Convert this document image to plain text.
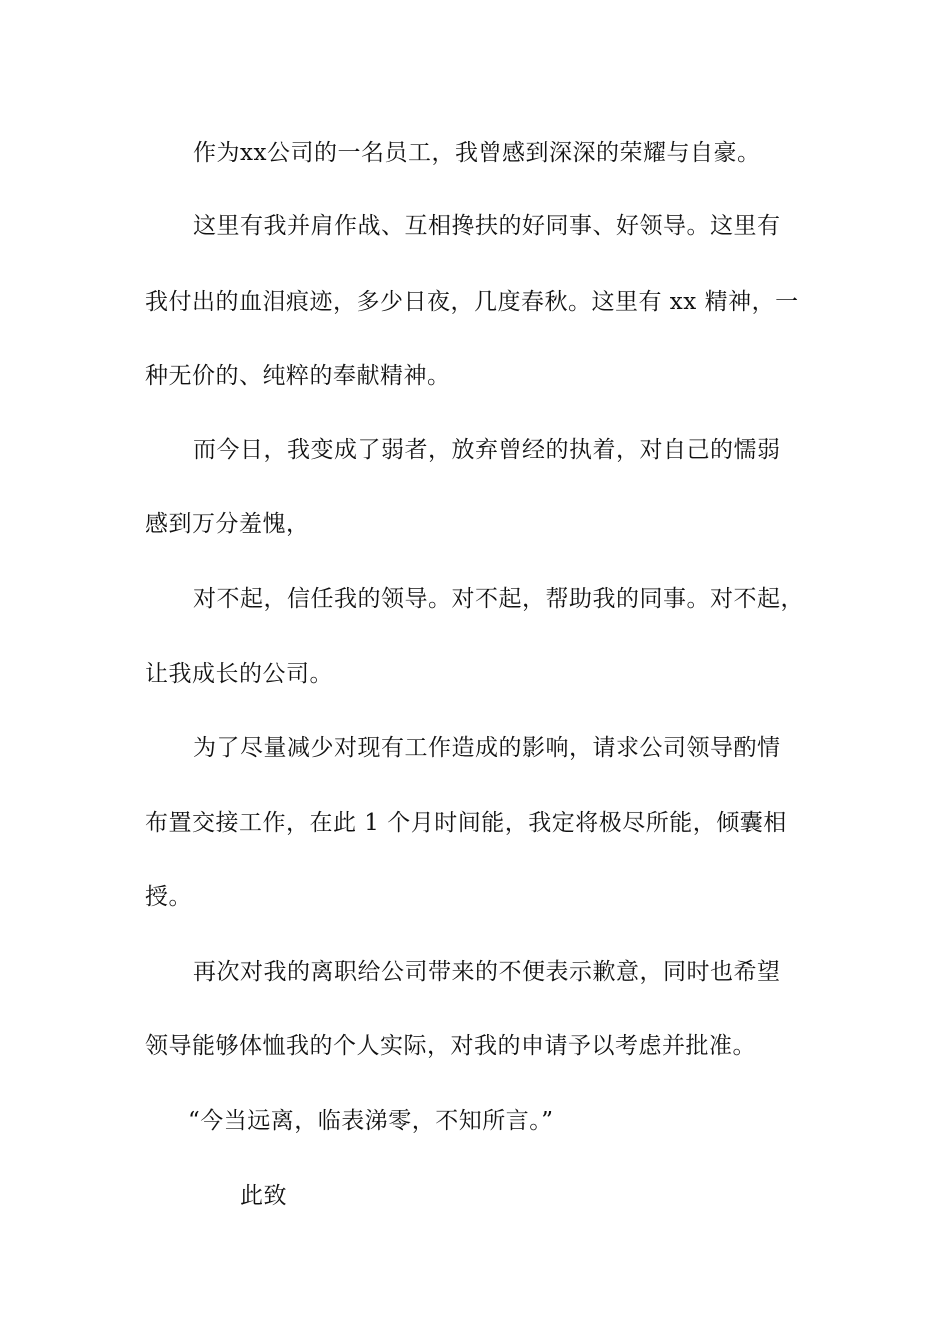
作为xx公司的一名员工，我曾感到深深的荣耀与自豪。
这里有我并肩作战、互相搀扶的好同事、好领导。这里有
我付出的血泪痕迹，多少日夜，几度春秋。这里有 xx 精神，一
种无价的、纯粹的奉献精神。
而今日，我变成了弱者，放弃曾经的执着，对自己的懦弱
感到万分羞愧，
对不起，信任我的领导。对不起，帮助我的同事。对不起，
让我成长的公司。
为了尽量减少对现有工作造成的影响，请求公司领导酌情
布置交接工作，在此 1 个月时间能，我定将极尽所能，倾囊相
授。
再次对我的离职给公司带来的不便表示歉意，同时也希望
领导能够体恤我的个人实际，对我的申请予以考虑并批准。
“今当远离，临表涕零，不知所言。”
此致
